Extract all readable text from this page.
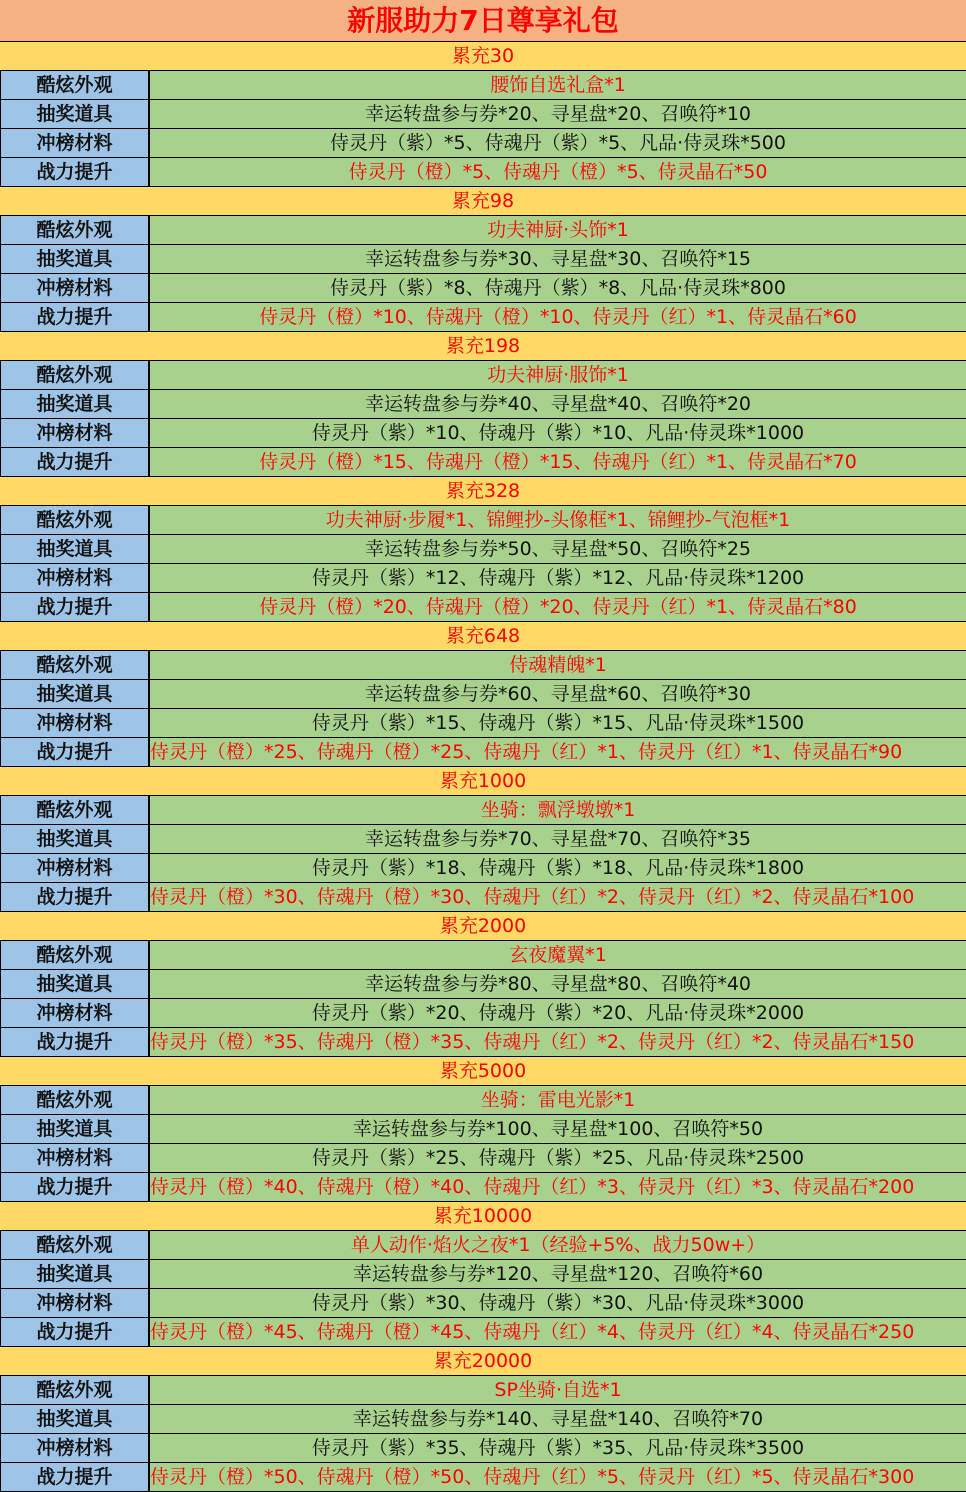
新服助力7日尊享礼包
累充30
酷炫外观	腰饰自选礼盒*1
抽奖道具	幸运转盘参与券*20、寻星盘*20、召唤符*10
冲榜材料	侍灵丹（紫）*5、侍魂丹（紫）*5、凡品·侍灵珠*500
战力提升	侍灵丹（橙）*5、侍魂丹（橙）*5、侍灵晶石*50
累充98
酷炫外观	功夫神厨·头饰*1
抽奖道具	幸运转盘参与券*30、寻星盘*30、召唤符*15
冲榜材料	侍灵丹（紫）*8、侍魂丹（紫）*8、凡品·侍灵珠*800
战力提升	侍灵丹（橙）*10、侍魂丹（橙）*10、侍灵丹（红）*1、侍灵晶石*60
累充198
酷炫外观	功夫神厨·服饰*1
抽奖道具	幸运转盘参与券*40、寻星盘*40、召唤符*20
冲榜材料	侍灵丹（紫）*10、侍魂丹（紫）*10、凡品·侍灵珠*1000
战力提升	侍灵丹（橙）*15、侍魂丹（橙）*15、侍魂丹（红）*1、侍灵晶石*70
累充328
酷炫外观	功夫神厨·步履*1、锦鲤抄-头像框*1、锦鲤抄-气泡框*1
抽奖道具	幸运转盘参与券*50、寻星盘*50、召唤符*25
冲榜材料	侍灵丹（紫）*12、侍魂丹（紫）*12、凡品·侍灵珠*1200
战力提升	侍灵丹（橙）*20、侍魂丹（橙）*20、侍灵丹（红）*1、侍灵晶石*80
累充648
酷炫外观	侍魂精魄*1
抽奖道具	幸运转盘参与券*60、寻星盘*60、召唤符*30
冲榜材料	侍灵丹（紫）*15、侍魂丹（紫）*15、凡品·侍灵珠*1500
战力提升	侍灵丹（橙）*25、侍魂丹（橙）*25、侍魂丹（红）*1、侍灵丹（红）*1、侍灵晶石*90
累充1000
酷炫外观	坐骑：飘浮墩墩*1
抽奖道具	幸运转盘参与券*70、寻星盘*70、召唤符*35
冲榜材料	侍灵丹（紫）*18、侍魂丹（紫）*18、凡品·侍灵珠*1800
战力提升	侍灵丹（橙）*30、侍魂丹（橙）*30、侍魂丹（红）*2、侍灵丹（红）*2、侍灵晶石*100
累充2000
酷炫外观	玄夜魔翼*1
抽奖道具	幸运转盘参与券*80、寻星盘*80、召唤符*40
冲榜材料	侍灵丹（紫）*20、侍魂丹（紫）*20、凡品·侍灵珠*2000
战力提升	侍灵丹（橙）*35、侍魂丹（橙）*35、侍魂丹（红）*2、侍灵丹（红）*2、侍灵晶石*150
累充5000
酷炫外观	坐骑：雷电光影*1
抽奖道具	幸运转盘参与券*100、寻星盘*100、召唤符*50
冲榜材料	侍灵丹（紫）*25、侍魂丹（紫）*25、凡品·侍灵珠*2500
战力提升	侍灵丹（橙）*40、侍魂丹（橙）*40、侍魂丹（红）*3、侍灵丹（红）*3、侍灵晶石*200
累充10000
酷炫外观	单人动作·焰火之夜*1（经验+5%、战力50w+）
抽奖道具	幸运转盘参与券*120、寻星盘*120、召唤符*60
冲榜材料	侍灵丹（紫）*30、侍魂丹（紫）*30、凡品·侍灵珠*3000
战力提升	侍灵丹（橙）*45、侍魂丹（橙）*45、侍魂丹（红）*4、侍灵丹（红）*4、侍灵晶石*250
累充20000
酷炫外观	SP坐骑·自选*1
抽奖道具	幸运转盘参与券*140、寻星盘*140、召唤符*70
冲榜材料	侍灵丹（紫）*35、侍魂丹（紫）*35、凡品·侍灵珠*3500
战力提升	侍灵丹（橙）*50、侍魂丹（橙）*50、侍魂丹（红）*5、侍灵丹（红）*5、侍灵晶石*300
